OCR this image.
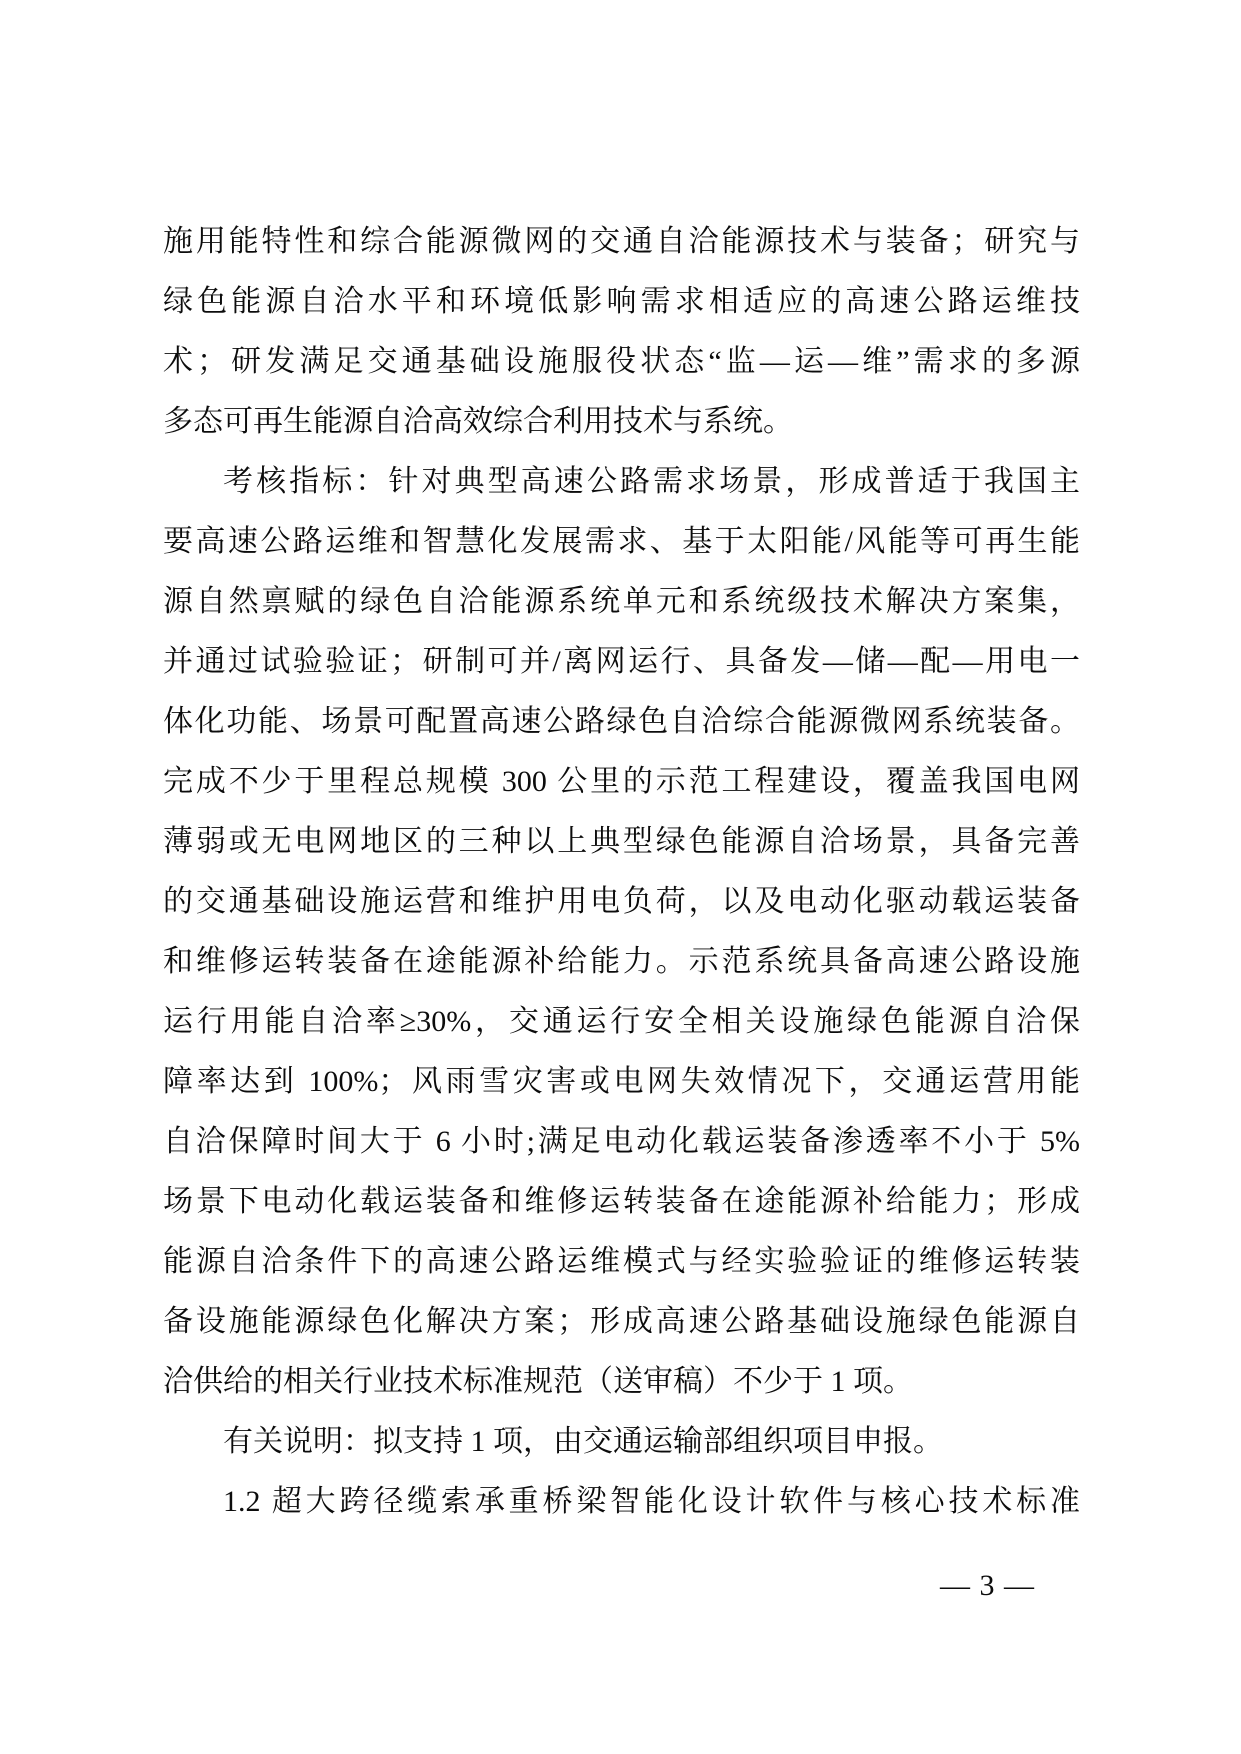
施用能特性和综合能源微网的交通自洽能源技术与装备；研究与
绿色能源自洽水平和环境低影响需求相适应的高速公路运维技
术；研发满足交通基础设施服役状态“监—运—维”需求的多源
多态可再生能源自洽高效综合利用技术与系统。
考核指标：针对典型高速公路需求场景，形成普适于我国主
要高速公路运维和智慧化发展需求、基于太阳能/风能等可再生能
源自然禀赋的绿色自洽能源系统单元和系统级技术解决方案集，
并通过试验验证；研制可并/离网运行、具备发—储—配—用电一
体化功能、场景可配置高速公路绿色自洽综合能源微网系统装备。
完成不少于里程总规模 300 公里的示范工程建设，覆盖我国电网
薄弱或无电网地区的三种以上典型绿色能源自洽场景，具备完善
的交通基础设施运营和维护用电负荷，以及电动化驱动载运装备
和维修运转装备在途能源补给能力。示范系统具备高速公路设施
运行用能自洽率≥30%，交通运行安全相关设施绿色能源自洽保
障率达到 100%；风雨雪灾害或电网失效情况下，交通运营用能
自洽保障时间大于 6 小时;满足电动化载运装备渗透率不小于 5%
场景下电动化载运装备和维修运转装备在途能源补给能力；形成
能源自洽条件下的高速公路运维模式与经实验验证的维修运转装
备设施能源绿色化解决方案；形成高速公路基础设施绿色能源自
洽供给的相关行业技术标准规范（送审稿）不少于 1 项。
有关说明：拟支持 1 项，由交通运输部组织项目申报。
1.2 超大跨径缆索承重桥梁智能化设计软件与核心技术标准
— 3 —
